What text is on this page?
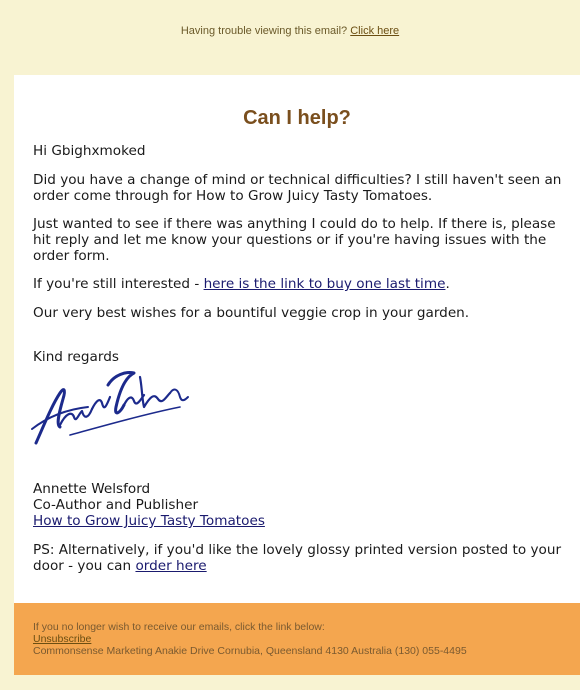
Having trouble viewing this email? Click here
Can I help?
Hi Gbighxmoked
Did you have a change of mind or technical difficulties? I still haven't seen an order come through for How to Grow Juicy Tasty Tomatoes.
Just wanted to see if there was anything I could do to help. If there is, please hit reply and let me know your questions or if you're having issues with the order form.
If you're still interested - here is the link to buy one last time.
Our very best wishes for a bountiful veggie crop in your garden.
Kind regards
Annette Welsford
Co-Author and Publisher
How to Grow Juicy Tasty Tomatoes
PS: Alternatively, if you'd like the lovely glossy printed version posted to your door - you can order here
If you no longer wish to receive our emails, click the link below:
Unsubscribe
Commonsense Marketing Anakie Drive Cornubia, Queensland 4130 Australia (130) 055-4495
